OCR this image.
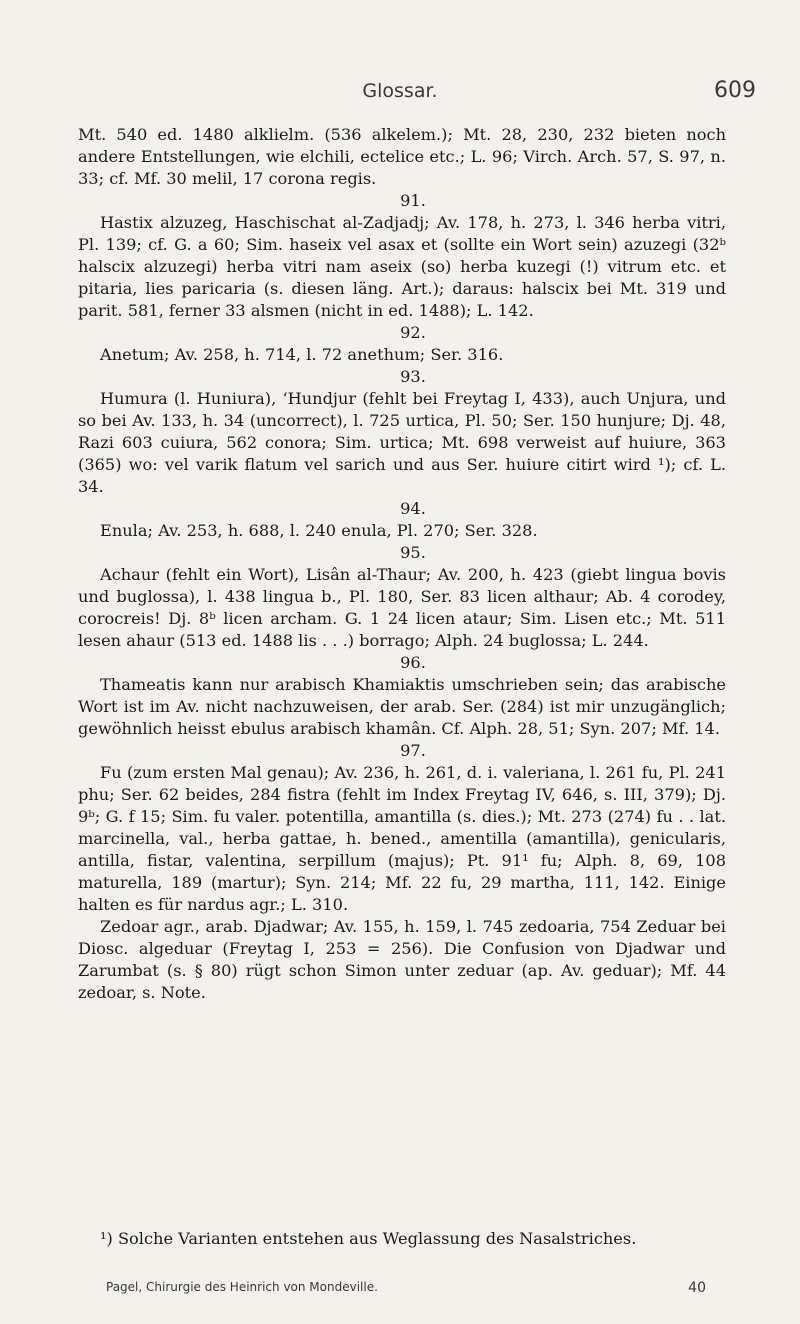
Glossar.	609

Mt. 540 ed. 1480 alklielm. (536 alkelem.); Mt. 28, 230, 232 bieten noch andere Entstellungen, wie elchili, ectelice etc.; L. 96; Virch. Arch. 57, S. 97, n. 33; cf. Mf. 30 melil, 17 corona regis.

91.

Hastix alzuzeg, Haschischat al-Zadjadj; Av. 178, h. 273, l. 346 herba vitri, Pl. 139; cf. G. a 60; Sim. haseix vel asax et (sollte ein Wort sein) azuzegi (32ᵇ halscix alzuzegi) herba vitri nam aseix (so) herba kuzegi (!) vitrum etc. et pitaria, lies paricaria (s. diesen läng. Art.); daraus: halscix bei Mt. 319 und parit. 581, ferner 33 alsmen (nicht in ed. 1488); L. 142.

92.

Anetum; Av. 258, h. 714, l. 72 anethum; Ser. 316.

93.

Humura (l. Huniura), ʻHundjur (fehlt bei Freytag I, 433), auch Unjura, und so bei Av. 133, h. 34 (uncorrect), l. 725 urtica, Pl. 50; Ser. 150 hunjure; Dj. 48, Razi 603 cuiura, 562 conora; Sim. urtica; Mt. 698 verweist auf huiure, 363 (365) wo: vel varik flatum vel sarich und aus Ser. huiure citirt wird ¹); cf. L. 34.

94.

Enula; Av. 253, h. 688, l. 240 enula, Pl. 270; Ser. 328.

95.

Achaur (fehlt ein Wort), Lisân al-Thaur; Av. 200, h. 423 (giebt lingua bovis und buglossa), l. 438 lingua b., Pl. 180, Ser. 83 licen althaur; Ab. 4 corodey, corocreis! Dj. 8ᵇ licen archam. G. 1 24 licen ataur; Sim. Lisen etc.; Mt. 511 lesen ahaur (513 ed. 1488 lis . . .) borrago; Alph. 24 buglossa; L. 244.

96.

Thameatis kann nur arabisch Khamiaktis umschrieben sein; das arabische Wort ist im Av. nicht nachzuweisen, der arab. Ser. (284) ist mir unzugänglich; gewöhnlich heisst ebulus arabisch khamân. Cf. Alph. 28, 51; Syn. 207; Mf. 14.

97.

Fu (zum ersten Mal genau); Av. 236, h. 261, d. i. valeriana, l. 261 fu, Pl. 241 phu; Ser. 62 beides, 284 fistra (fehlt im Index Freytag IV, 646, s. III, 379); Dj. 9ᵇ; G. f 15; Sim. fu valer. potentilla, amantilla (s. dies.); Mt. 273 (274) fu . . lat. marcinella, val., herba gattae, h. bened., amentilla (amantilla), genicularis, antilla, fistar, valentina, serpillum (majus); Pt. 91¹ fu; Alph. 8, 69, 108 maturella, 189 (martur); Syn. 214; Mf. 22 fu, 29 martha, 111, 142. Einige halten es für nardus agr.; L. 310.

Zedoar agr., arab. Djadwar; Av. 155, h. 159, l. 745 zedoaria, 754 Zeduar bei Diosc. algeduar (Freytag I, 253 = 256). Die Confusion von Djadwar und Zarumbat (s. § 80) rügt schon Simon unter zeduar (ap. Av. geduar); Mf. 44 zedoar, s. Note.

¹) Solche Varianten entstehen aus Weglassung des Nasalstriches.

Pagel, Chirurgie des Heinrich von Mondeville.	40
